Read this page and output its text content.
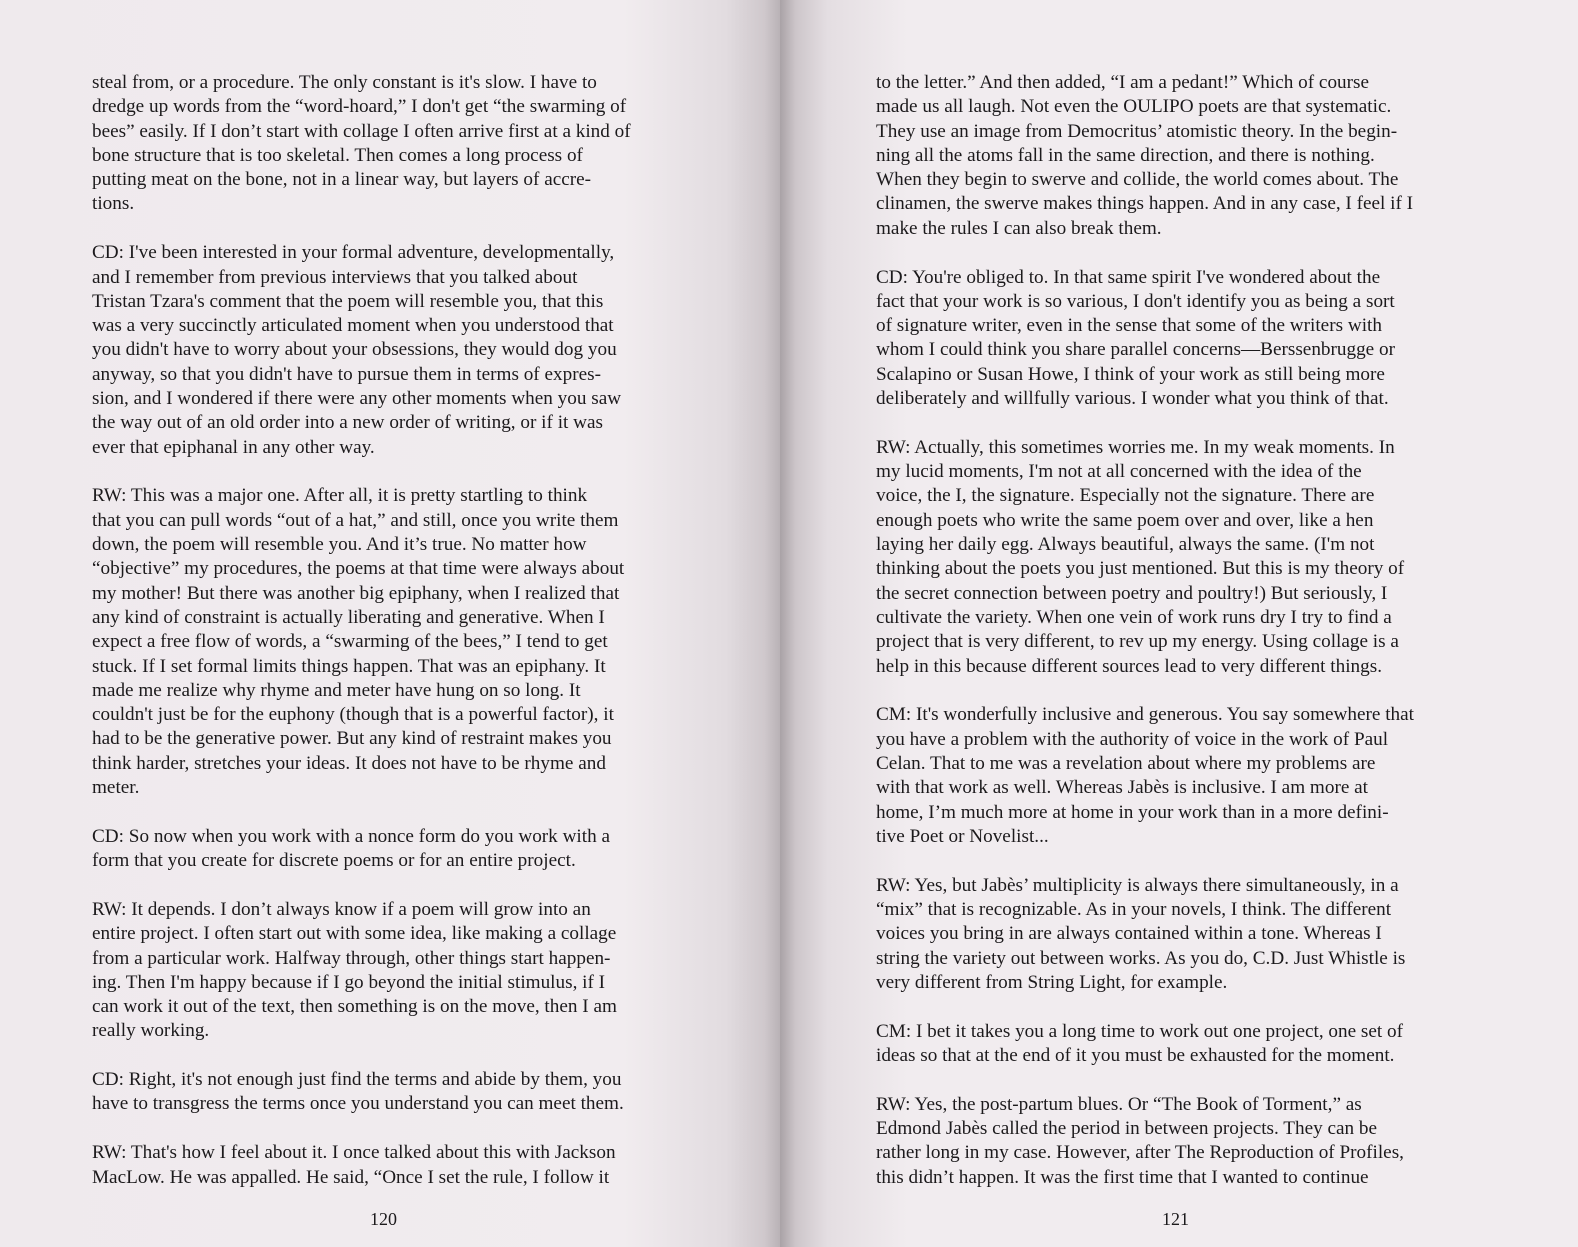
steal from, or a procedure. The only constant is it's slow. I have to
dredge up words from the “word-hoard,” I don't get “the swarming of
bees” easily. If I don’t start with collage I often arrive first at a kind of
bone structure that is too skeletal. Then comes a long process of
putting meat on the bone, not in a linear way, but layers of accre-
tions.

CD: I've been interested in your formal adventure, developmentally,
and I remember from previous interviews that you talked about
Tristan Tzara's comment that the poem will resemble you, that this
was a very succinctly articulated moment when you understood that
you didn't have to worry about your obsessions, they would dog you
anyway, so that you didn't have to pursue them in terms of expres-
sion, and I wondered if there were any other moments when you saw
the way out of an old order into a new order of writing, or if it was
ever that epiphanal in any other way.

RW: This was a major one. After all, it is pretty startling to think
that you can pull words “out of a hat,” and still, once you write them
down, the poem will resemble you. And it’s true. No matter how
“objective” my procedures, the poems at that time were always about
my mother! But there was another big epiphany, when I realized that
any kind of constraint is actually liberating and generative. When I
expect a free flow of words, a “swarming of the bees,” I tend to get
stuck. If I set formal limits things happen. That was an epiphany. It
made me realize why rhyme and meter have hung on so long. It
couldn't just be for the euphony (though that is a powerful factor), it
had to be the generative power. But any kind of restraint makes you
think harder, stretches your ideas. It does not have to be rhyme and
meter.

CD: So now when you work with a nonce form do you work with a
form that you create for discrete poems or for an entire project.

RW: It depends. I don’t always know if a poem will grow into an
entire project. I often start out with some idea, like making a collage
from a particular work. Halfway through, other things start happen-
ing. Then I'm happy because if I go beyond the initial stimulus, if I
can work it out of the text, then something is on the move, then I am
really working.

CD: Right, it's not enough just find the terms and abide by them, you
have to transgress the terms once you understand you can meet them.

RW: That's how I feel about it. I once talked about this with Jackson
MacLow. He was appalled. He said, “Once I set the rule, I follow it

120

to the letter.” And then added, “I am a pedant!” Which of course
made us all laugh. Not even the OULIPO poets are that systematic.
They use an image from Democritus’ atomistic theory. In the begin-
ning all the atoms fall in the same direction, and there is nothing.
When they begin to swerve and collide, the world comes about. The
clinamen, the swerve makes things happen. And in any case, I feel if I
make the rules I can also break them.

CD: You're obliged to. In that same spirit I've wondered about the
fact that your work is so various, I don't identify you as being a sort
of signature writer, even in the sense that some of the writers with
whom I could think you share parallel concerns—Berssenbrugge or
Scalapino or Susan Howe, I think of your work as still being more
deliberately and willfully various. I wonder what you think of that.

RW: Actually, this sometimes worries me. In my weak moments. In
my lucid moments, I'm not at all concerned with the idea of the
voice, the I, the signature. Especially not the signature. There are
enough poets who write the same poem over and over, like a hen
laying her daily egg. Always beautiful, always the same. (I'm not
thinking about the poets you just mentioned. But this is my theory of
the secret connection between poetry and poultry!) But seriously, I
cultivate the variety. When one vein of work runs dry I try to find a
project that is very different, to rev up my energy. Using collage is a
help in this because different sources lead to very different things.

CM: It's wonderfully inclusive and generous. You say somewhere that
you have a problem with the authority of voice in the work of Paul
Celan. That to me was a revelation about where my problems are
with that work as well. Whereas Jabès is inclusive. I am more at
home, I’m much more at home in your work than in a more defini-
tive Poet or Novelist...

RW: Yes, but Jabès’ multiplicity is always there simultaneously, in a
“mix” that is recognizable. As in your novels, I think. The different
voices you bring in are always contained within a tone. Whereas I
string the variety out between works. As you do, C.D. Just Whistle is
very different from String Light, for example.

CM: I bet it takes you a long time to work out one project, one set of
ideas so that at the end of it you must be exhausted for the moment.

RW: Yes, the post-partum blues. Or “The Book of Torment,” as
Edmond Jabès called the period in between projects. They can be
rather long in my case. However, after The Reproduction of Profiles,
this didn’t happen. It was the first time that I wanted to continue

121
